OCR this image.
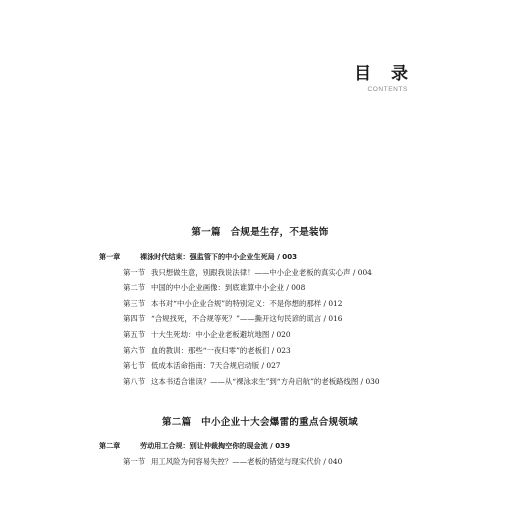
目 录
CONTENTS
第一篇　合规是生存，不是装饰
第一章	裸泳时代结束：强监管下的中小企业生死局 / 003
第一节 我只想做生意，别跟我说法律！——中小企业老板的真实心声 / 004
第二节 中国的中小企业画像：到底谁算中小企业 / 008
第三节 本书对“中小企业合规”的特别定义：不是你想的那样 / 012
第四节 “合规找死，不合规等死？”——撕开这句民谚的谎言 / 016
第五节 十大生死劫：中小企业老板避坑地图 / 020
第六节 血的教训：那些“一夜归零”的老板们 / 023
第七节 低成本活命指南：7天合规启动版 / 027
第八节 这本书适合谁读？——从“裸泳求生”到“方舟启航”的老板路线图 / 030
第二篇　中小企业十大会爆雷的重点合规领域
第二章	劳动用工合规：别让仲裁掏空你的现金流 / 039
第一节 用工风险为何容易失控？——老板的错觉与现实代价 / 040
